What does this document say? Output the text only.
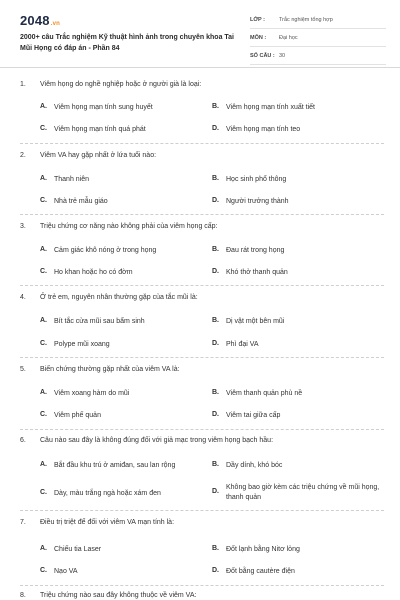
2048.vn
2000+ câu Trắc nghiệm Kỹ thuật hình ảnh trong chuyên khoa Tai Mũi Họng có đáp án - Phần 84
LỚP :	Trắc nghiệm tổng hợp
MÔN :	Đại học
SỐ CÂU : 30
1.	Viêm họng do nghề nghiệp hoặc ở người già là loại:
A.	Viêm họng mạn tính sung huyết	B.	Viêm họng mạn tính xuất tiết
C.	Viêm họng mạn tính quá phát	D.	Viêm họng mạn tính teo
2.	Viêm VA hay gặp nhất ở lứa tuổi nào:
A.	Thanh niên	B.	Học sinh phổ thông
C.	Nhà trẻ mẫu giáo	D.	Người trưởng thành
3.	Triệu chứng cơ năng nào không phải của viêm họng cấp:
A.	Cảm giác khô nóng ở trong họng	B.	Đau rát trong họng
C.	Ho khan hoặc ho có đờm	D.	Khó thở thanh quản
4.	Ở trẻ em, nguyên nhân thường gặp của tắc mũi là:
A.	Bít tắc cửa mũi sau bẩm sinh	B.	Dị vật một bên mũi
C.	Polype mũi xoang	D.	Phì đại VA
5.	Biến chứng thường gặp nhất của viêm VA là:
A.	Viêm xoang hàm do mũi	B.	Viêm thanh quản phù nề
C.	Viêm phế quản	D.	Viêm tai giữa cấp
6.	Câu nào sau đây là không đúng đối với giả mạc trong viêm họng bạch hầu:
A.	Bắt đầu khu trú ở amiđan, sau lan rộng	B.	Dầy dính, khó bóc
C.	Dày, màu trắng ngà hoặc xám đen	D.
Không bao giờ kèm các triệu chứng về mũi họng, thanh quản
7.	Điều trị triệt để đối với viêm VA mạn tính là:
A.	Chiếu tia Laser	B.	Đốt lạnh bằng Nitơ lỏng
C.	Nạo VA	D.	Đốt bằng cautère điện
8.	Triệu chứng nào sau đây không thuộc về viêm VA:
